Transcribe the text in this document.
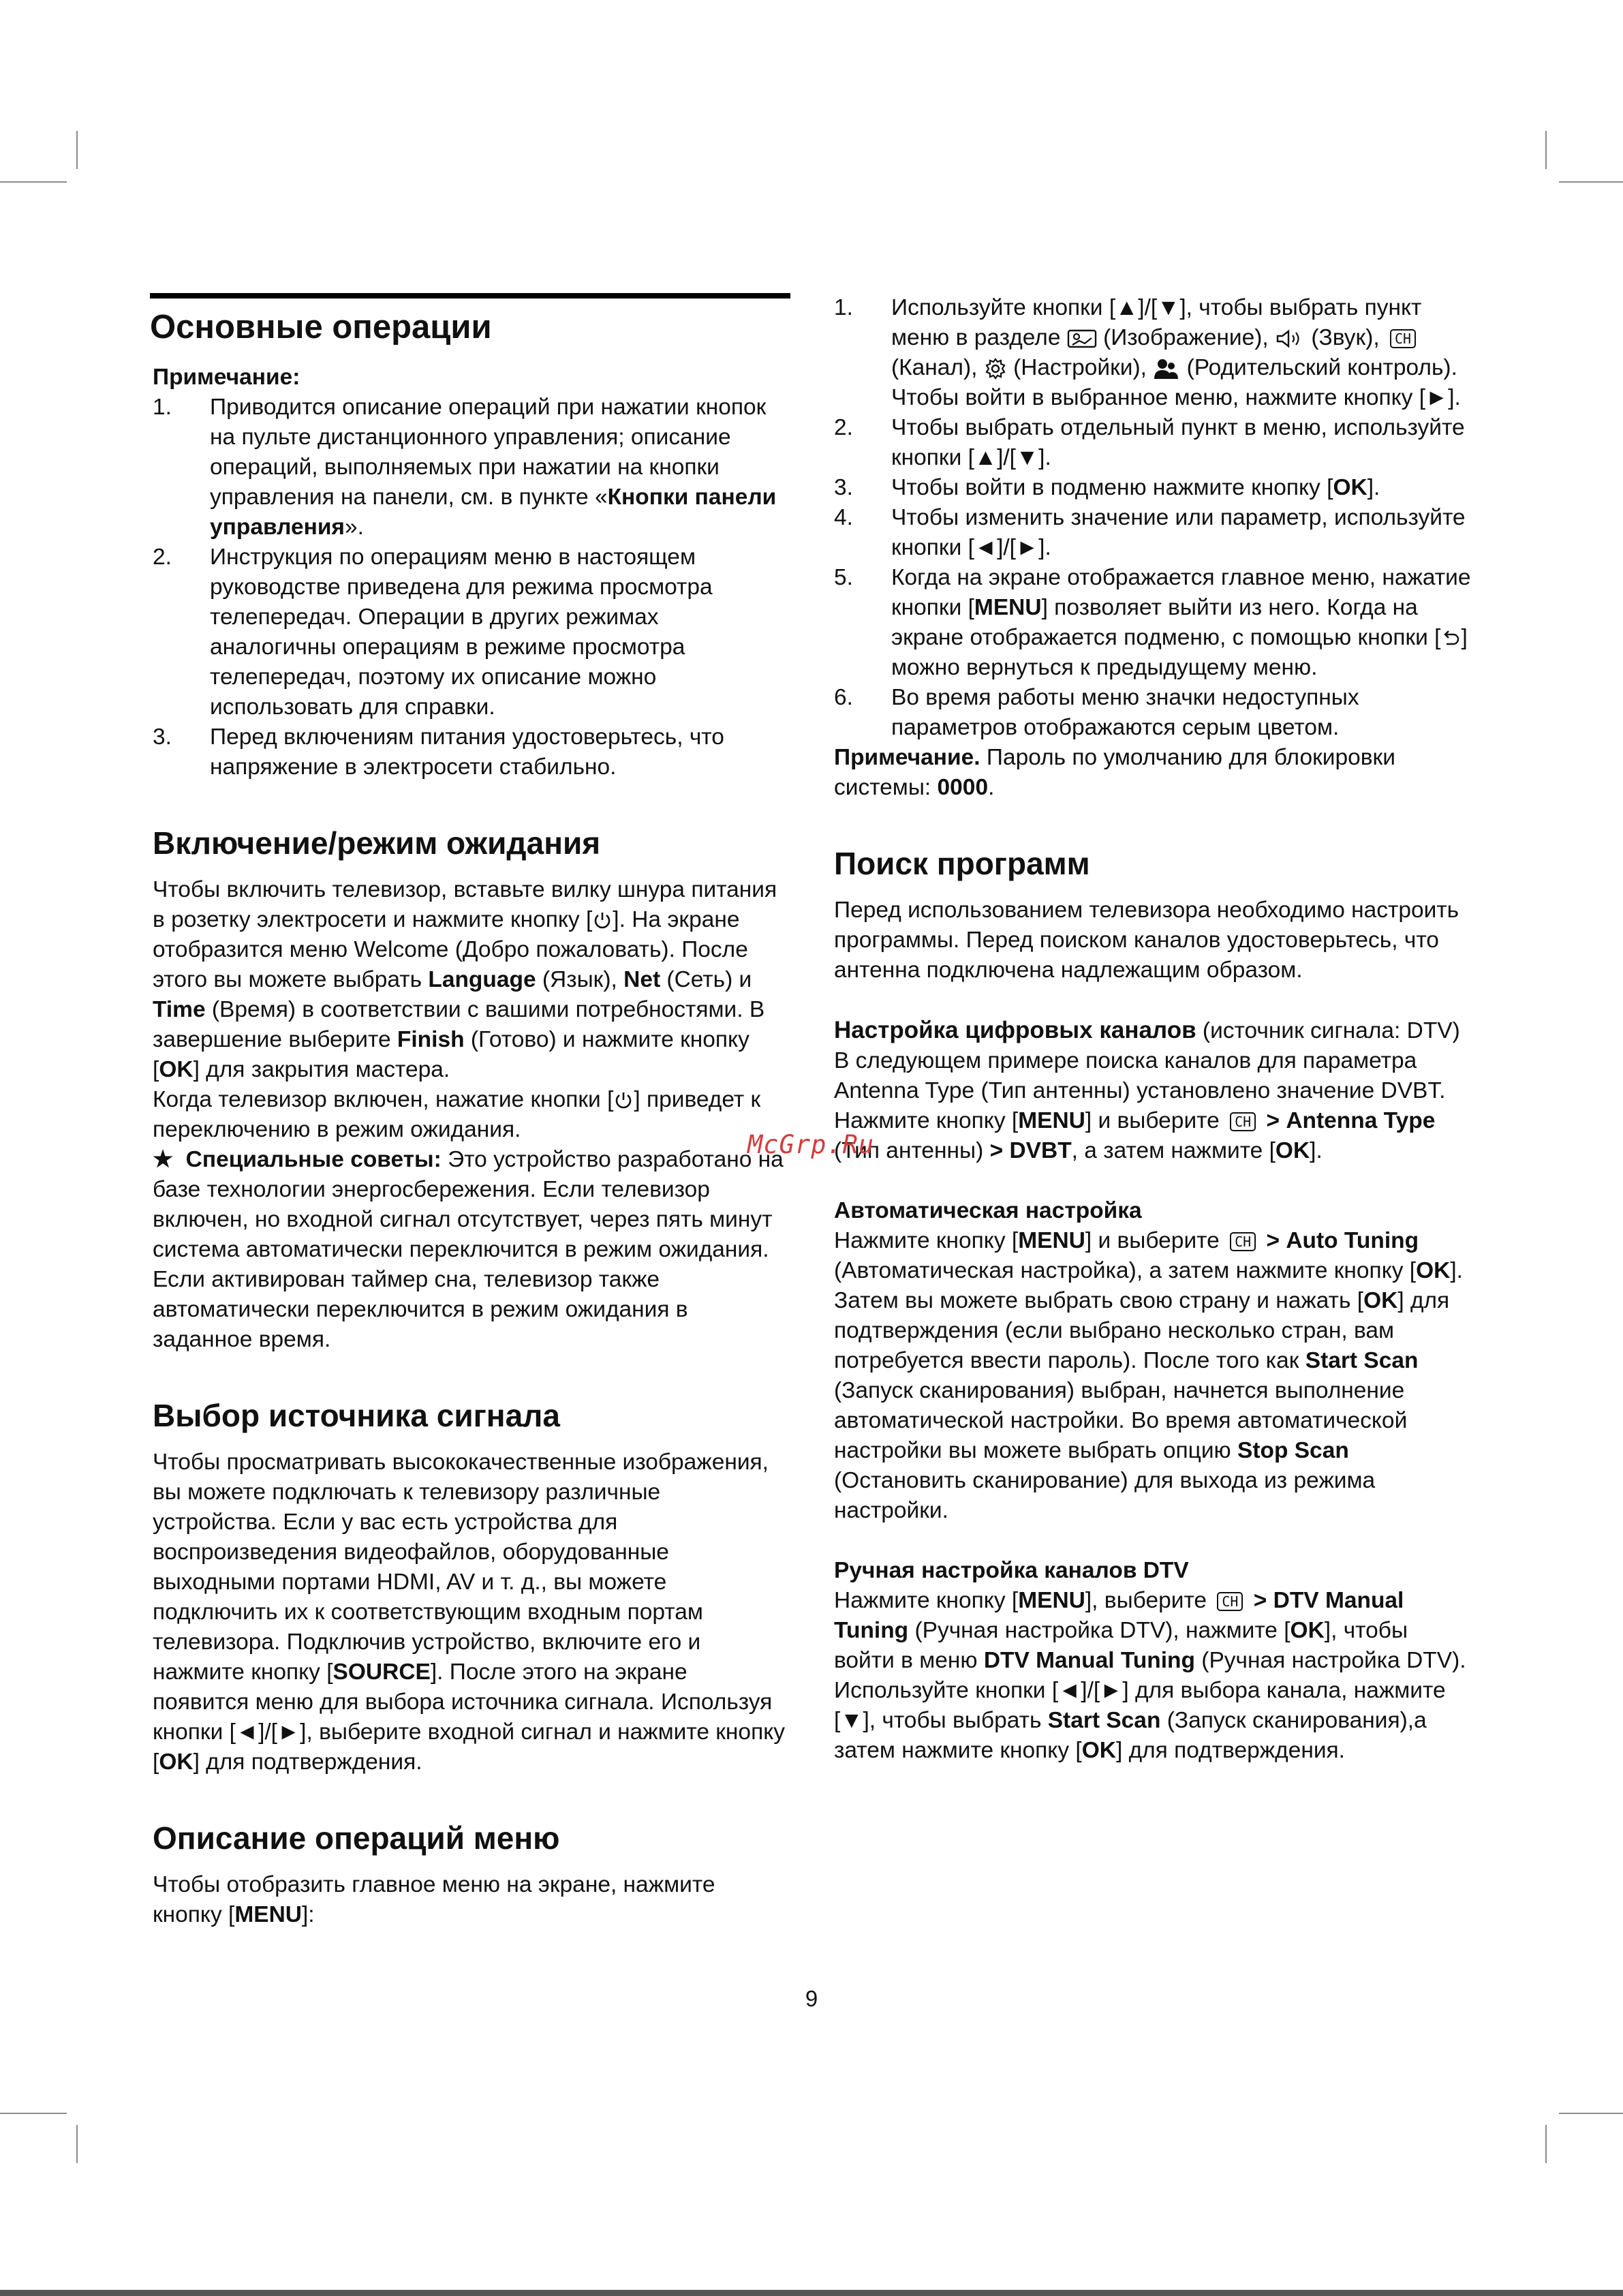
Основные операции

Примечание:

1. Приводится описание операций при нажатии кнопок на пульте дистанционного управления; описание операций, выполняемых при нажатии на кнопки управления на панели, см. в пункте «Кнопки панели управления».
2. Инструкция по операциям меню в настоящем руководстве приведена для режима просмотра телепередач. Операции в других режимах аналогичны операциям в режиме просмотра телепередач, поэтому их описание можно использовать для справки.
3. Перед включениям питания удостоверьтесь, что напряжение в электросети стабильно.
Включение/режим ожидания

Чтобы включить телевизор, вставьте вилку шнура питания в розетку электросети и нажмите кнопку [ ]. На экране отобразится меню Welcome (Добро пожаловать). После этого вы можете выбрать Language (Язык), Net (Сеть) и Time (Время) в соответствии с вашими потребностями. В завершение выберите Finish (Готово) и нажмите кнопку [OK] для закрытия мастера.

Когда телевизор включен, нажатие кнопки [ ] приведет к переключению в режим ожидания.

★ Специальные советы: Это устройство разработано на базе технологии энергосбережения. Если телевизор включен, но входной сигнал отсутствует, через пять минут система автоматически переключится в режим ожидания. Если активирован таймер сна, телевизор также автоматически переключится в режим ожидания в заданное время.

Выбор источника сигнала

Чтобы просматривать высококачественные изображения, вы можете подключать к телевизору различные устройства. Если у вас есть устройства для воспроизведения видеофайлов, оборудованные выходными портами HDMI, AV и т. д., вы можете подключить их к соответствующим входным портам телевизора. Подключив устройство, включите его и нажмите кнопку [SOURCE]. После этого на экране появится меню для выбора источника сигнала. Используя кнопки [◄]/[►], выберите входной сигнал и нажмите кнопку [OK] для подтверждения.

Описание операций меню

Чтобы отобразить главное меню на экране, нажмите кнопку [MENU]:

1. Используйте кнопки [▲]/[▼], чтобы выбрать пункт меню в разделе  (Изображение),  (Звук), CH (Канал),  (Настройки),  (Родительский контроль). Чтобы войти в выбранное меню, нажмите кнопку [►].
2. Чтобы выбрать отдельный пункт в меню, используйте кнопки [▲]/[▼].
3. Чтобы войти в подменю нажмите кнопку [OK].
4. Чтобы изменить значение или параметр, используйте кнопки [◄]/[►].
5. Когда на экране отображается главное меню, нажатие кнопки [MENU] позволяет выйти из него. Когда на экране отображается подменю, с помощью кнопки [ ] можно вернуться к предыдущему меню.
6. Во время работы меню значки недоступных параметров отображаются серым цветом.

Примечание. Пароль по умолчанию для блокировки системы: 0000.

Поиск программ

Перед использованием телевизора необходимо настроить программы. Перед поиском каналов удостоверьтесь, что антенна подключена надлежащим образом.

Настройка цифровых каналов (источник сигнала: DTV)

В следующем примере поиска каналов для параметра Antenna Type (Тип антенны) установлено значение DVBT.

Нажмите кнопку [MENU] и выберите CH > Antenna Type (Тип антенны) > DVBT, а затем нажмите [OK].

Автоматическая настройка

Нажмите кнопку [MENU] и выберите CH > Auto Tuning (Автоматическая настройка), а затем нажмите кнопку [OK]. Затем вы можете выбрать свою страну и нажать [OK] для подтверждения (если выбрано несколько стран, вам потребуется ввести пароль). После того как Start Scan (Запуск сканирования) выбран, начнется выполнение автоматической настройки. Во время автоматической настройки вы можете выбрать опцию Stop Scan (Остановить сканирование) для выхода из режима настройки.

Ручная настройка каналов DTV

Нажмите кнопку [MENU], выберите CH > DTV Manual Tuning (Ручная настройка DTV), нажмите [OK], чтобы войти в меню DTV Manual Tuning (Ручная настройка DTV). Используйте кнопки [◄]/[►] для выбора канала, нажмите [▼], чтобы выбрать Start Scan (Запуск сканирования),а затем нажмите кнопку [OK] для подтверждения.

McGrp.Ru
9
